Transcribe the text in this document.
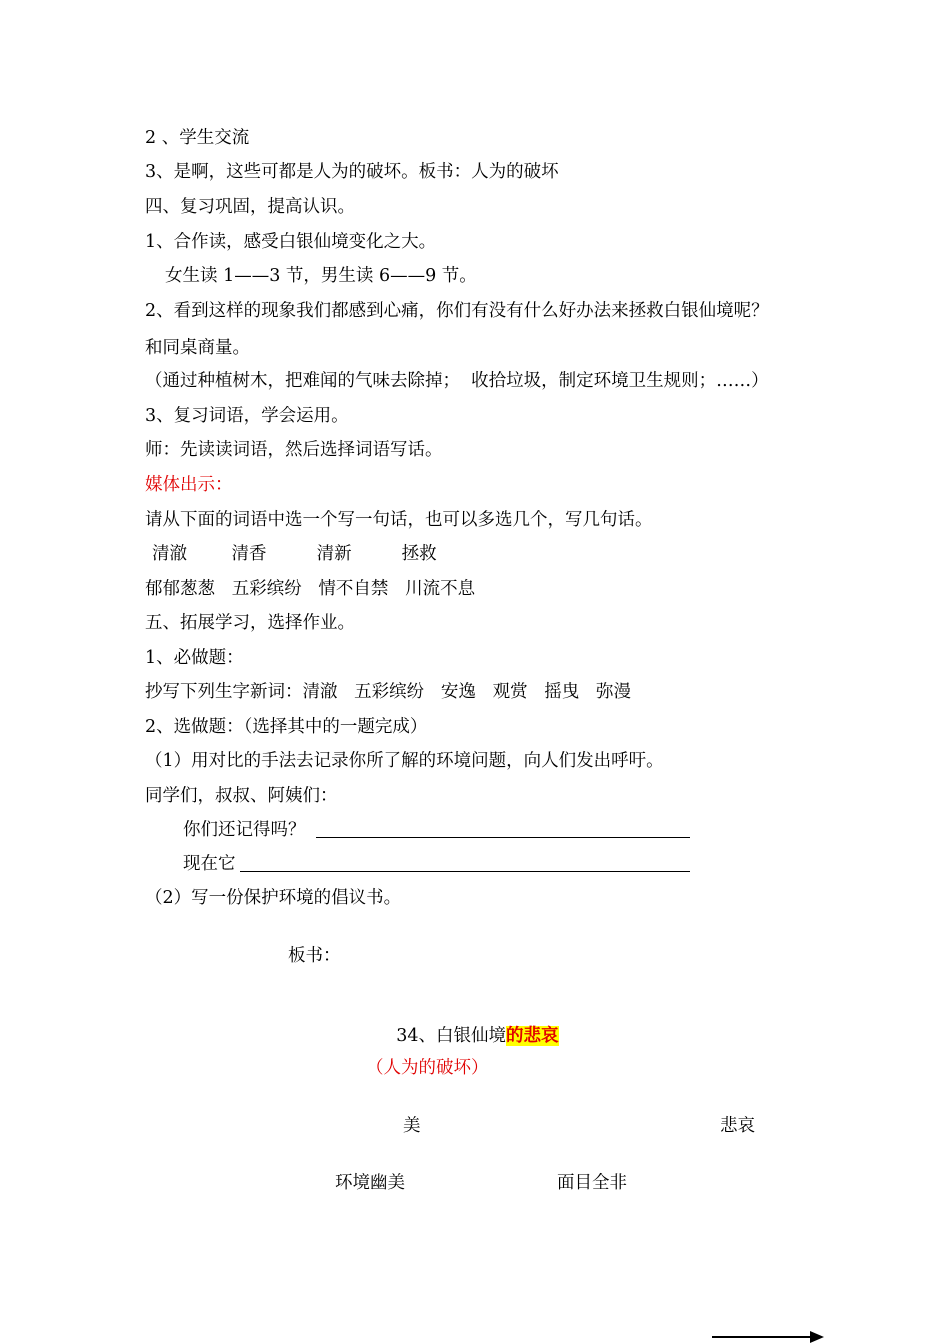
2 、学生交流
3、是啊，这些可都是人为的破坏。板书：人为的破坏
四、复习巩固，提高认识。
1、合作读，感受白银仙境变化之大。
女生读 1——3 节，男生读 6——9 节。
2、看到这样的现象我们都感到心痛，你们有没有什么好办法来拯救白银仙境呢？
和同桌商量。
（通过种植树木，把难闻的气味去除掉；  收拾垃圾，制定环境卫生规则；……）
3、复习词语，学会运用。
师：先读读词语，然后选择词语写话。
媒体出示：
请从下面的词语中选一个写一句话，也可以多选几个，写几句话。
清澈        清香         清新         拯救
郁郁葱葱   五彩缤纷   情不自禁   川流不息
五、拓展学习，选择作业。
1、必做题：
抄写下列生字新词：清澈   五彩缤纷   安逸   观赏   摇曳   弥漫
2、选做题：（选择其中的一题完成）
（1）用对比的手法去记录你所了解的环境问题，向人们发出呼吁。
同学们，叔叔、阿姨们：
你们还记得吗？
现在它
（2）写一份保护环境的倡议书。
板书：

34、白银仙境的悲哀

（人为的破坏）
美	悲哀
环境幽美	面目全非
